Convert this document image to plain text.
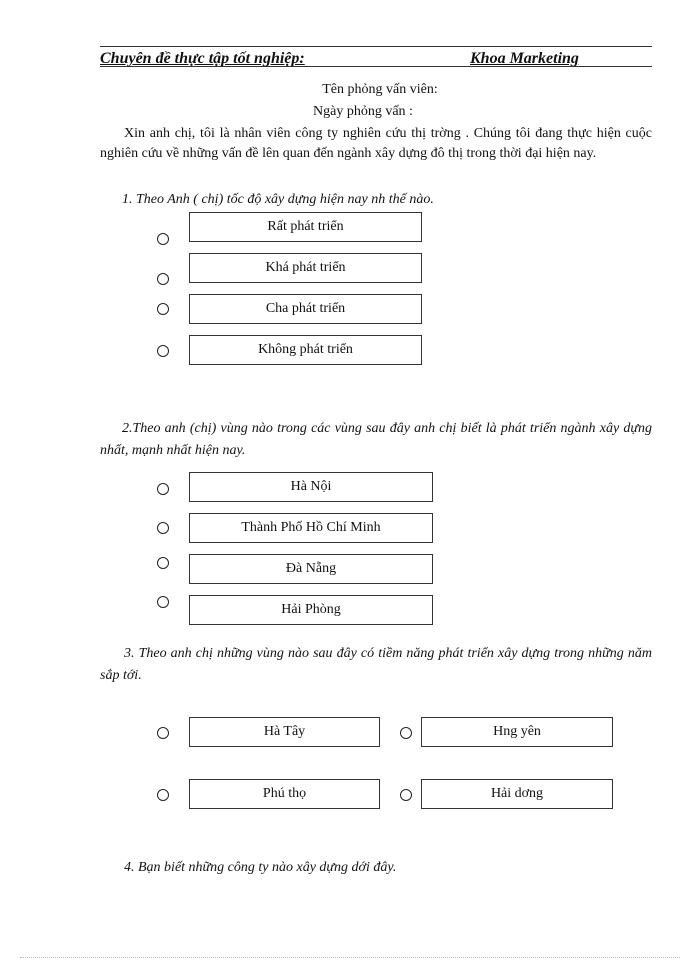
Chuyên đề thực tập tốt nghiệp:	Khoa Marketing
Tên phỏng vấn viên:
Ngày phỏng vấn :
Xin anh chị, tôi là nhân viên công ty nghiên cứu thị trờng . Chúng tôi đang thực hiện cuộc nghiên cứu về những vấn đề lên quan đến ngành xây dựng đô thị trong thời đại hiện nay.
1. Theo Anh ( chị) tốc độ xây dựng hiện nay nh thế nào.
Rất phát triển
Khá phát triển
Cha phát triển
Không phát triển
2.Theo anh (chị) vùng nào trong các vùng sau đây anh chị biết là phát triển ngành xây dựng nhất, mạnh nhất hiện nay.
Hà Nội
Thành Phố Hồ Chí Minh
Đà Nẵng
Hải Phòng
3. Theo anh chị những vùng nào sau đây có tiềm năng phát triển xây dựng trong những năm sắp tới.
Hà Tây	Hng yên
Phú thọ	Hải dơng
4. Bạn biết những công ty nào xây dựng dới đây.
